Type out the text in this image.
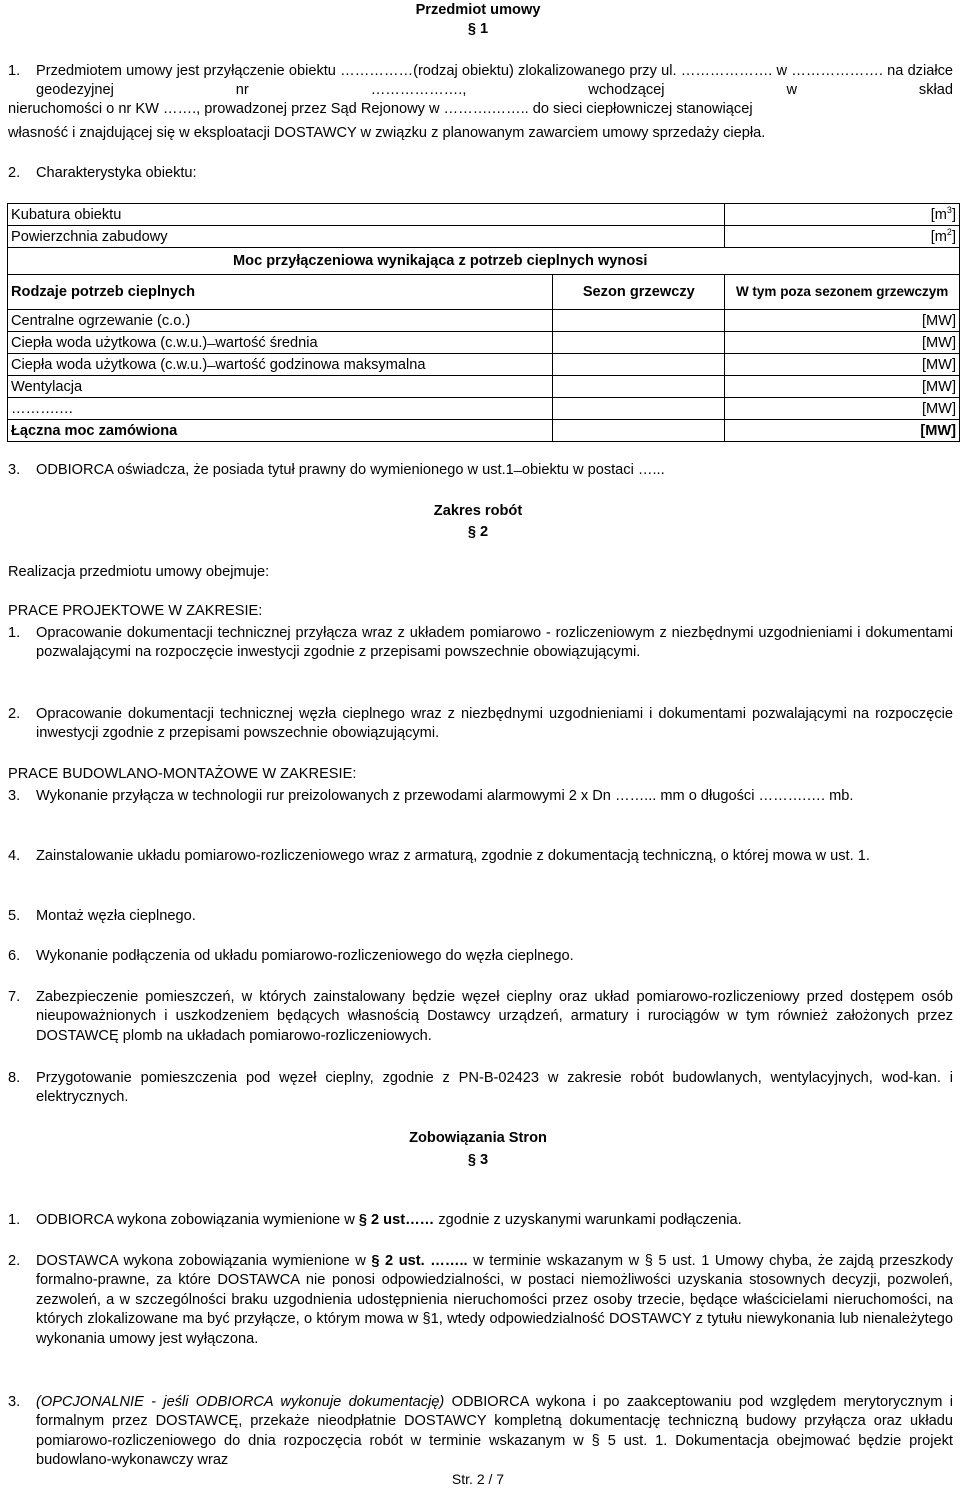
Przedmiot umowy
§ 1
1. Przedmiotem umowy jest przyłączenie obiektu ……………(rodzaj obiektu) zlokalizowanego przy ul. ………………. w ………………. na działce geodezyjnej nr ………………., wchodzącej w skład
nieruchomości o nr KW ……., prowadzonej przez Sąd Rejonowy w ……….…….. do sieci ciepłowniczej stanowiącej
własność i znajdującej się w eksploatacji DOSTAWCY w związku z planowanym zawarciem umowy sprzedaży ciepła.
2. Charakterystyka obiektu:
Kubatura obiektu		$[m^3]$
Powierzchnia zabudowy		$[m^2]$
Moc przyłączeniowa wynikająca z potrzeb cieplnych wynosi		
Rodzaje potrzeb cieplnych	Sezon grzewczy	W tym poza sezonem grzewczym
Centralne ogrzewanie (c.o.)		[MW]
Ciepła woda użytkowa (c.w.u.) ̶ wartość średnia		[MW]
Ciepła woda użytkowa (c.w.u.) ̶ wartość godzinowa maksymalna		[MW]
Wentylacja		[MW]
……….…		[MW]
Łączna moc zamówiona		[MW]
3. ODBIORCA oświadcza, że posiada tytuł prawny do wymienionego w ust.1 ̶ obiektu w postaci …...
Zakres robót
§ 2
Realizacja przedmiotu umowy obejmuje:
PRACE PROJEKTOWE W ZAKRESIE:
1. Opracowanie dokumentacji technicznej przyłącza wraz z układem pomiarowo - rozliczeniowym z niezbędnymi uzgodnieniami i dokumentami pozwalającymi na rozpoczęcie inwestycji zgodnie z przepisami powszechnie obowiązującymi.
2. Opracowanie dokumentacji technicznej węzła cieplnego wraz z niezbędnymi uzgodnieniami i dokumentami pozwalającymi na rozpoczęcie inwestycji zgodnie z przepisami powszechnie obowiązującymi.
PRACE BUDOWLANO-MONTAŻOWE W ZAKRESIE:
3. Wykonanie przyłącza w technologii rur preizolowanych z przewodami alarmowymi 2 x Dn ……... mm o długości ……….…. mb.
4. Zainstalowanie układu pomiarowo-rozliczeniowego wraz z armaturą, zgodnie z dokumentacją techniczną, o której mowa w ust. 1.
5. Montaż węzła cieplnego.
6. Wykonanie podłączenia od układu pomiarowo-rozliczeniowego do węzła cieplnego.
7. Zabezpieczenie pomieszczeń, w których zainstalowany będzie węzeł cieplny oraz układ pomiarowo-rozliczeniowy przed dostępem osób nieupoważnionych i uszkodzeniem będących własnością Dostawcy urządzeń, armatury i rurociągów w tym również założonych przez DOSTAWCĘ plomb na układach pomiarowo-rozliczeniowych.
8. Przygotowanie pomieszczenia pod węzeł cieplny, zgodnie z PN-B-02423 w zakresie robót budowlanych, wentylacyjnych, wod-kan. i elektrycznych.
Zobowiązania Stron
§ 3
1. ODBIORCA wykona zobowiązania wymienione w § 2 ust…… zgodnie z uzyskanymi warunkami podłączenia.
2. DOSTAWCA wykona zobowiązania wymienione w § 2 ust. …….. w terminie wskazanym w § 5 ust. 1 Umowy chyba, że zajdą przeszkody formalno-prawne, za które DOSTAWCA nie ponosi odpowiedzialności, w postaci niemożliwości uzyskania stosownych decyzji, pozwoleń, zezwoleń, a w szczególności braku uzgodnienia udostępnienia nieruchomości przez osoby trzecie, będące właścicielami nieruchomości, na których zlokalizowane ma być przyłącze, o którym mowa w §1, wtedy odpowiedzialność DOSTAWCY z tytułu niewykonania lub nienależytego wykonania umowy jest wyłączona.
3. (OPCJONALNIE - jeśli ODBIORCA wykonuje dokumentację) ODBIORCA wykona i po zaakceptowaniu pod względem merytorycznym i formalnym przez DOSTAWCĘ, przekaże nieodpłatnie DOSTAWCY kompletną dokumentację techniczną budowy przyłącza oraz układu pomiarowo-rozliczeniowego do dnia rozpoczęcia robót w terminie wskazanym w § 5 ust. 1. Dokumentacja obejmować będzie projekt budowlano-wykonawczy wraz
Str. 2 / 7
